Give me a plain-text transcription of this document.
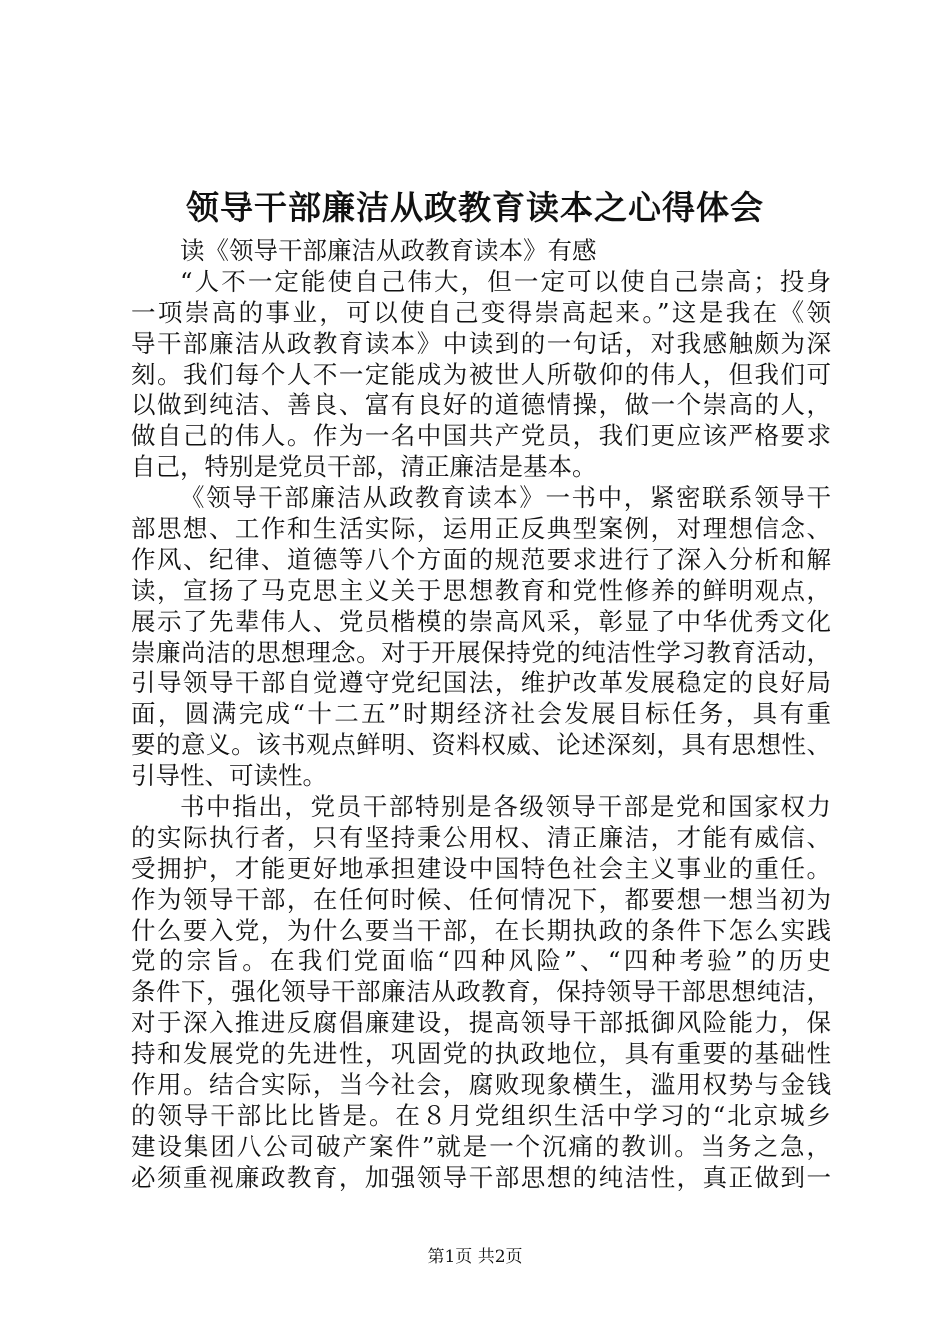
领导干部廉洁从政教育读本之心得体会
读《领导干部廉洁从政教育读本》有感
“人不一定能使自己伟大，但一定可以使自己崇高；投身
一项崇高的事业，可以使自己变得崇高起来。”这是我在《领
导干部廉洁从政教育读本》中读到的一句话，对我感触颇为深
刻。我们每个人不一定能成为被世人所敬仰的伟人，但我们可
以做到纯洁、善良、富有良好的道德情操，做一个崇高的人，
做自己的伟人。作为一名中国共产党员，我们更应该严格要求
自己，特别是党员干部，清正廉洁是基本。
《领导干部廉洁从政教育读本》一书中，紧密联系领导干
部思想、工作和生活实际，运用正反典型案例，对理想信念、
作风、纪律、道德等八个方面的规范要求进行了深入分析和解
读，宣扬了马克思主义关于思想教育和党性修养的鲜明观点，
展示了先辈伟人、党员楷模的崇高风采，彰显了中华优秀文化
崇廉尚洁的思想理念。对于开展保持党的纯洁性学习教育活动，
引导领导干部自觉遵守党纪国法，维护改革发展稳定的良好局
面，圆满完成“十二五”时期经济社会发展目标任务，具有重
要的意义。该书观点鲜明、资料权威、论述深刻，具有思想性、
引导性、可读性。
书中指出，党员干部特别是各级领导干部是党和国家权力
的实际执行者，只有坚持秉公用权、清正廉洁，才能有威信、
受拥护，才能更好地承担建设中国特色社会主义事业的重任。
作为领导干部，在任何时候、任何情况下，都要想一想当初为
什么要入党，为什么要当干部，在长期执政的条件下怎么实践
党的宗旨。在我们党面临“四种风险”、“四种考验”的历史
条件下，强化领导干部廉洁从政教育，保持领导干部思想纯洁，
对于深入推进反腐倡廉建设，提高领导干部抵御风险能力，保
持和发展党的先进性，巩固党的执政地位，具有重要的基础性
作用。结合实际，当今社会，腐败现象横生，滥用权势与金钱
的领导干部比比皆是。在８月党组织生活中学习的“北京城乡
建设集团八公司破产案件”就是一个沉痛的教训。当务之急，
必须重视廉政教育，加强领导干部思想的纯洁性，真正做到一
第1页 共2页
